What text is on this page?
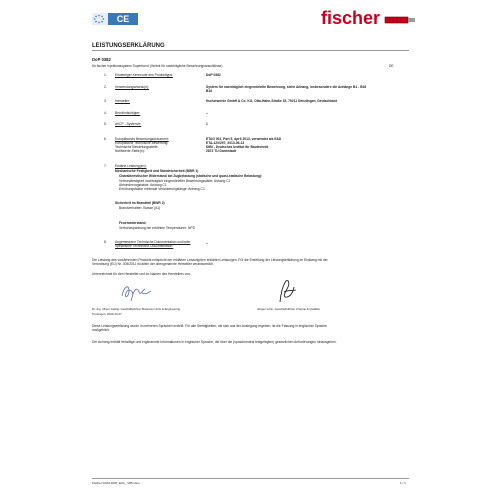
CE	fischer
LEISTUNGSERKLÄRUNG
DoP 0382
für fischer Injektionssystem Superbond (Verbot für nachträgliche Bewehrungsanschlüsse)	DE
1.	Eindeutiger Kenncode des Produkttyps:	DoP 0382
2.	Verwendungszweck(e):	System für nachträglich eingemörtelte Bewehrung, siehe Anhang, insbesondere die Anhänge B1 - B16
B16
3.	Hersteller:	fischerwerke GmbH & Co. KG, Otto-Hahn-Straße 15, 79211 Denzlingen, Deutschland
4.	Bevollmächtigter:	--
5.	AVCP - System/e:	1
6.	Europäisches Bewertungsdokument:	ETAG 001, Part 5, April 2013, verwendet als EAD
Europäische Technische Bewertung:	ETA-12/0297; 2013-06-13
Technische Bewertungsstelle:	DIBt - Deutsches Institut für Bautechnik
Notifizierte Stelle(n):	2873 TU Darmstadt
7.	Erklärte Leistung(en):
Mechanische Festigkeit und Standsicherheit (BWR 1)
Charakteristischer Widerstand bei Zugbelastung (statische und quasi-statische Belastung):
Verbundfestigkeit nachträglich eingemörtelter Bewehrungsstäbe: Anhang C1
Abminderungsfaktor: Anhang C1
Erhöhungsfaktor minimale Verankerungslänge: Anhang C1
Sicherheit im Brandfall (BWR 2)
Brandverhalten: Klasse (A1)
Feuerwiderstand:
Verbundspannung bei erhöhten Temperaturen: NPD
8.	Angemessene Technische Dokumentation und/oder
Spezifische Technische Dokumentation:
--
Die Leistung des vorstehenden Produkts entspricht der erklärten Leistung/den erklärten Leistungen. Für die Erstellung der Leistungserklärung im Einklang mit der
Verordnung (EU) Nr. 305/2011 ist allein der obengenannte Hersteller verantwortlich.
Unterzeichnet für den Hersteller und im Namen des Herstellers von:
Dr.-Ing. Oliver Geibig, Geschäftsführer Business Units & Engineering	Jürgen Grün, Geschäftsführer Chemie & Qualität
Tumlingen, 2020-12-07
Diese Leistungserklärung wurde in mehreren Sprachen erstellt. Für alle Streitigkeiten, die sich aus der Auslegung ergeben, ist die Fassung in englischer Sprache
maßgeblich.
Der Anhang enthält freiwillige und ergänzende Informationen in englischer Sprache, die über die (sprachneutral festgelegten) gesetzlichen Anforderungen hinausgehen.
Fischer DATA DOP_ECs_ V85.xlsm	1 / 1
